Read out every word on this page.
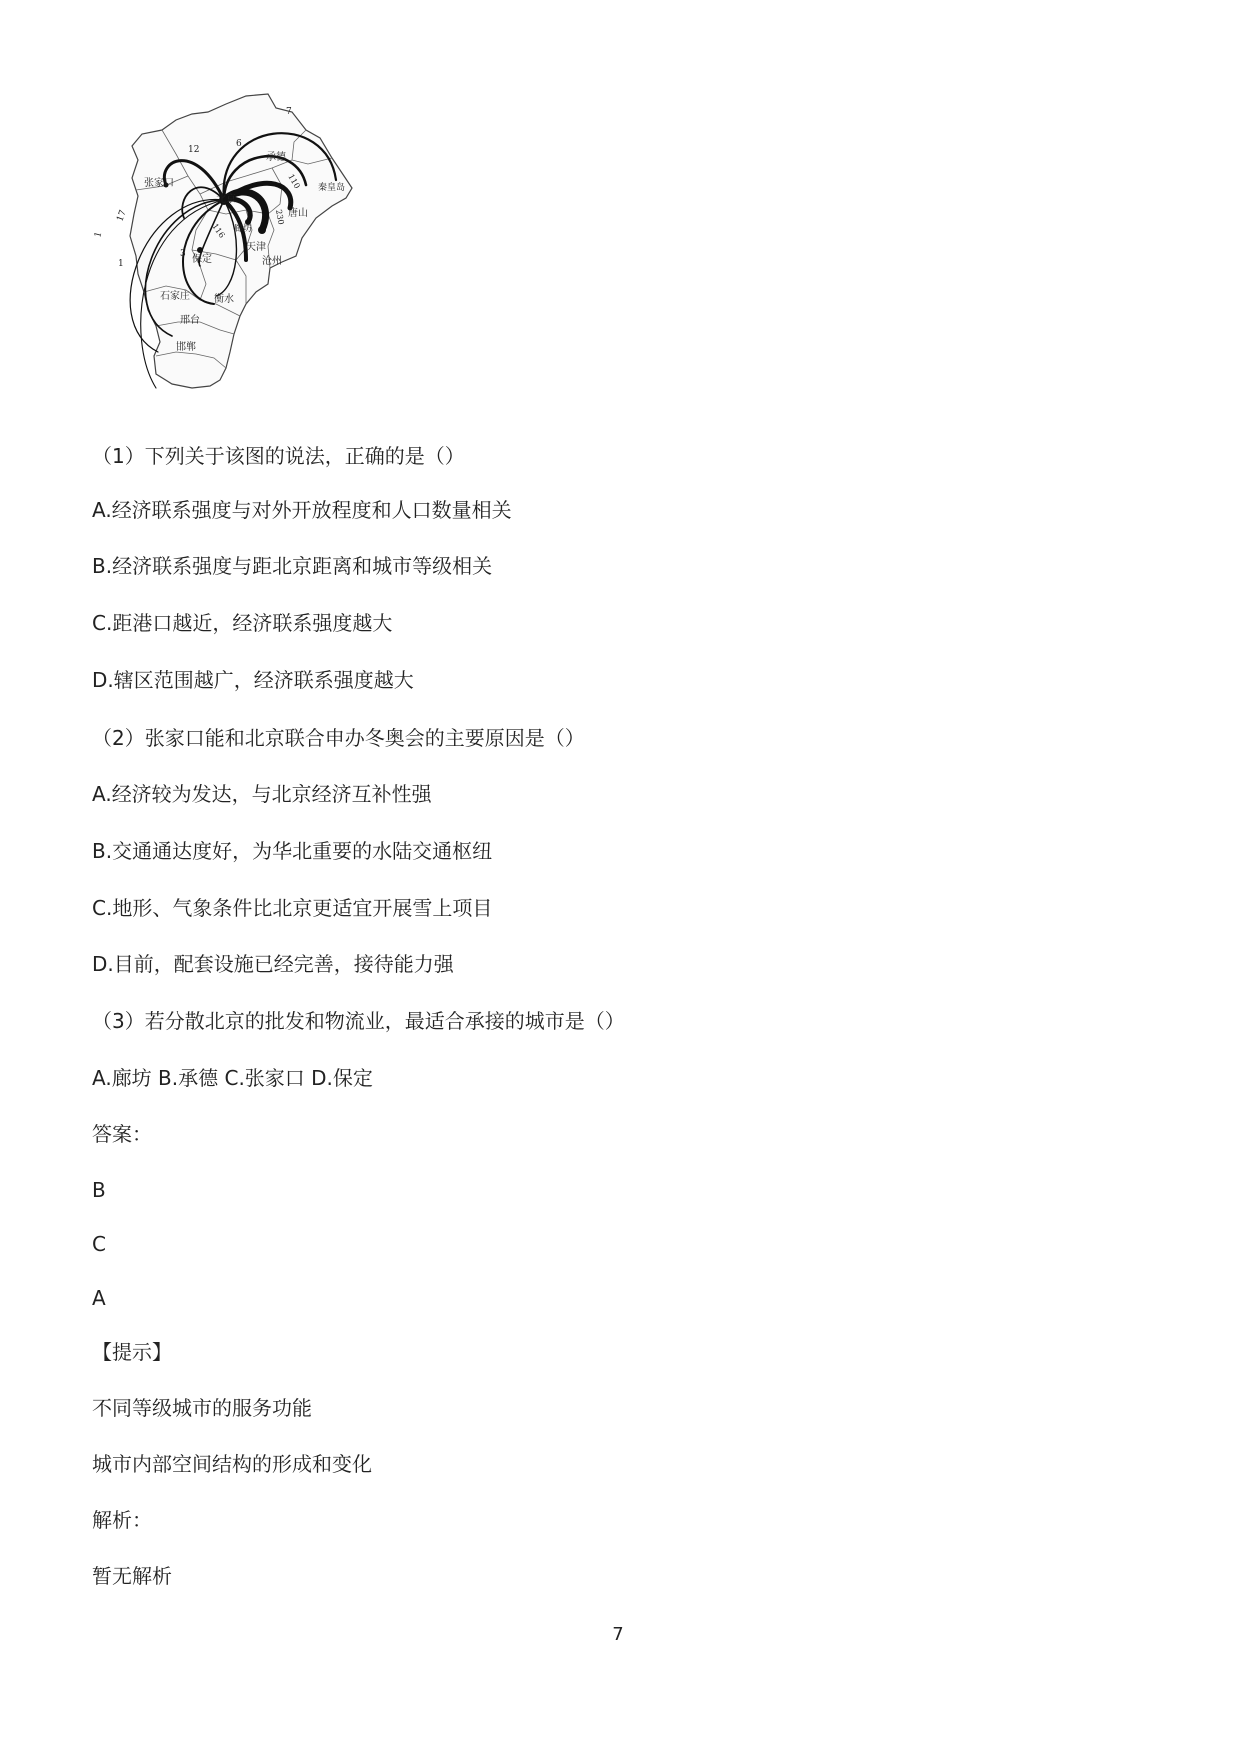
承德
张家口	秦皇岛
北京
唐山
廊坊
天津
保定	沧州
石家庄 衡水
邢台
邯郸
7
6
12
110
116
230
17
1
1
3
（1）下列关于该图的说法，正确的是（）
A.经济联系强度与对外开放程度和人口数量相关
B.经济联系强度与距北京距离和城市等级相关
C.距港口越近，经济联系强度越大
D.辖区范围越广，经济联系强度越大
（2）张家口能和北京联合申办冬奥会的主要原因是（）
A.经济较为发达，与北京经济互补性强
B.交通通达度好，为华北重要的水陆交通枢纽
C.地形、气象条件比北京更适宜开展雪上项目
D.目前，配套设施已经完善，接待能力强
（3）若分散北京的批发和物流业，最适合承接的城市是（）
A.廊坊 B.承德 C.张家口 D.保定
答案：
B
C
A
【提示】
不同等级城市的服务功能
城市内部空间结构的形成和变化
解析：
暂无解析
7
